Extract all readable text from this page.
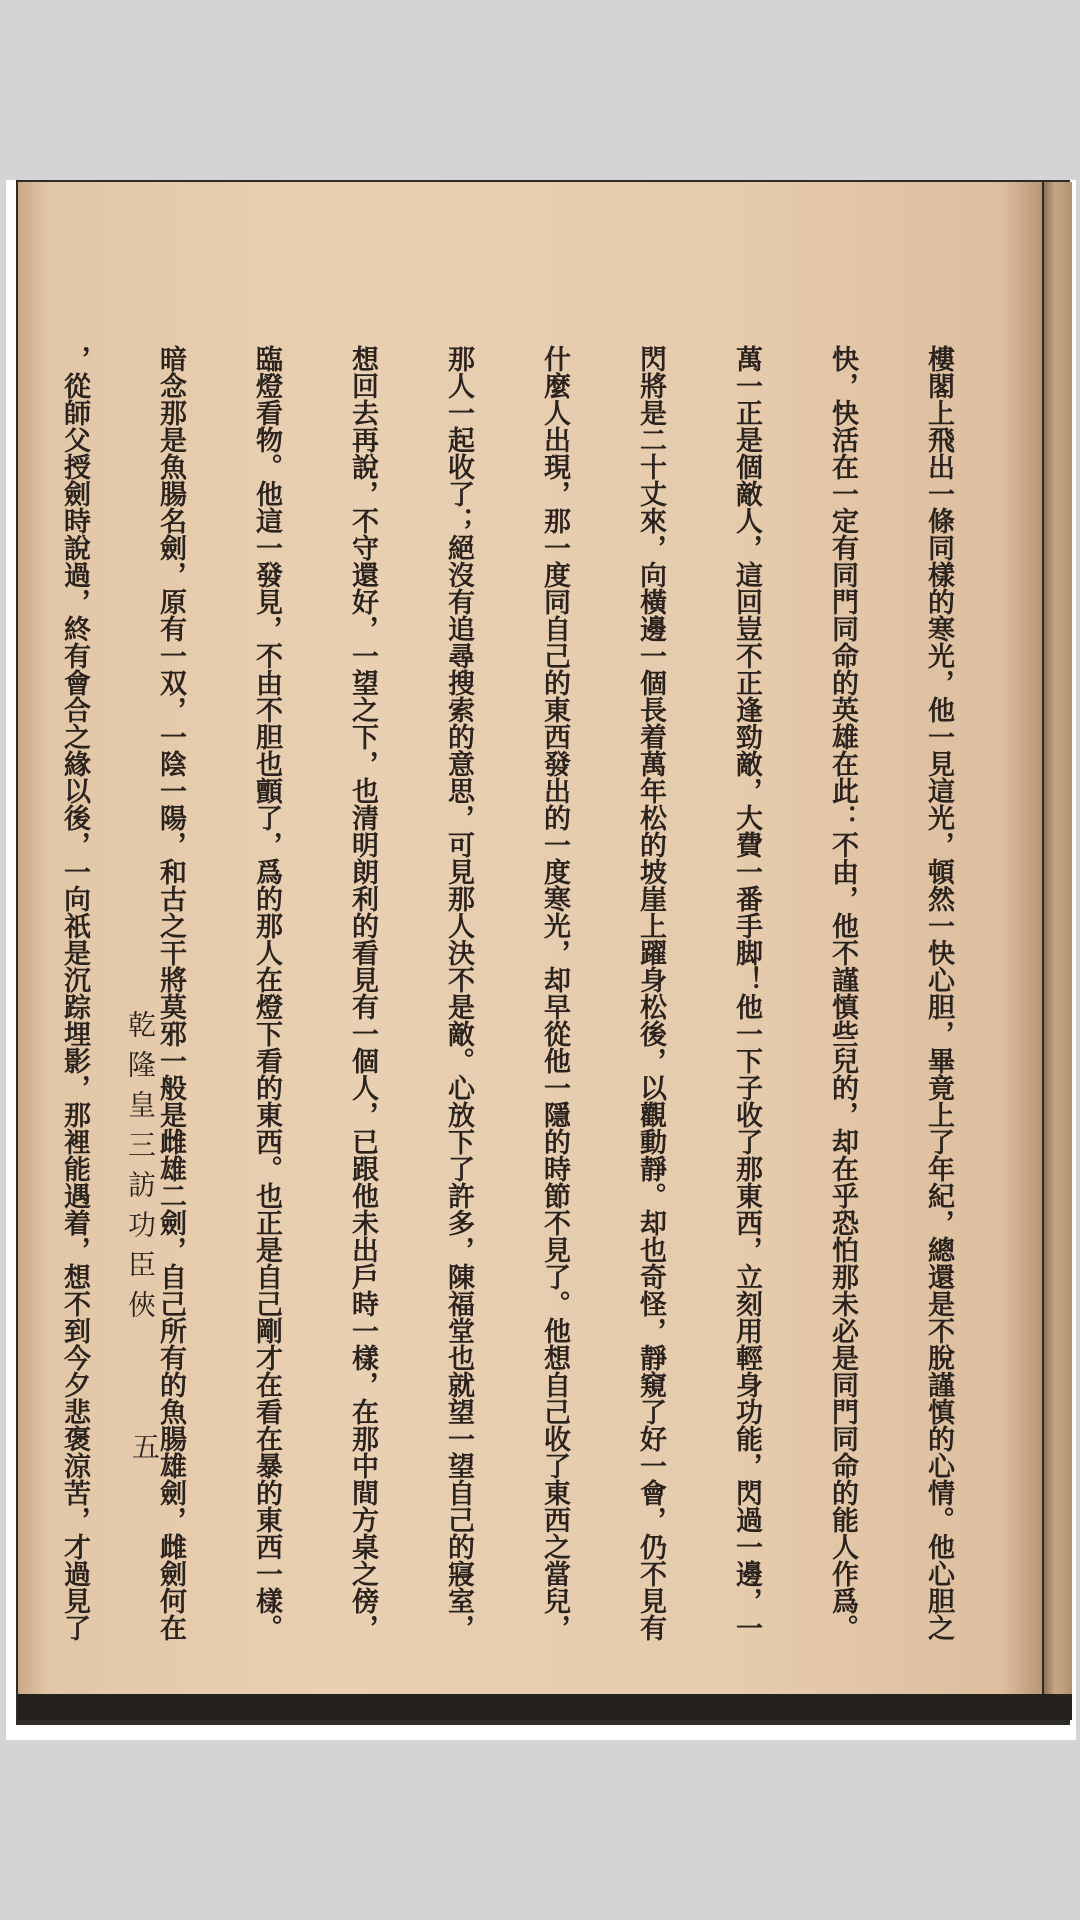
樓閣上飛出一條同樣的寒光，他一見這光，頓然一快心胆，畢竟上了年紀，總還是不脫謹慎的心情。他心胆之

快，快活在一定有同門同命的英雄在此：不由，他不謹慎些兒的，却在乎恐怕那未必是同門同命的能人作爲。

萬一正是個敵人，這回豈不正逢勁敵，大費一番手脚！他一下子收了那東西，立刻用輕身功能，閃過一邊，一

閃將是二十丈來，向橫邊一個長着萬年松的坡崖上躍身松後，以觀動靜。却也奇怪，靜窺了好一會，仍不見有

什麼人出現，那一度同自己的東西發出的一度寒光，却早從他一隱的時節不見了。他想自己收了東西之當兒，

那人一起收了；絕沒有追尋搜索的意思，可見那人決不是敵。心放下了許多，陳福堂也就望一望自己的寢室，

想回去再說，不守還好，一望之下，也清明朗利的看見有一個人，已跟他未出戶時一樣，在那中間方桌之傍，

臨燈看物。他這一發見，不由不胆也顫了，爲的那人在燈下看的東西。也正是自己剛才在看在暴的東西一樣。

暗念那是魚腸名劍，原有一双，一陰一陽，和古之干將莫邪一般是雌雄二劍，自己所有的魚腸雄劍，雌劍何在

，從師父授劍時說過，終有會合之緣以後，一向祇是沉踪埋影，那裡能遇着，想不到今夕悲褒涼苦，才過見了

乾隆皇三訪功臣俠
五
